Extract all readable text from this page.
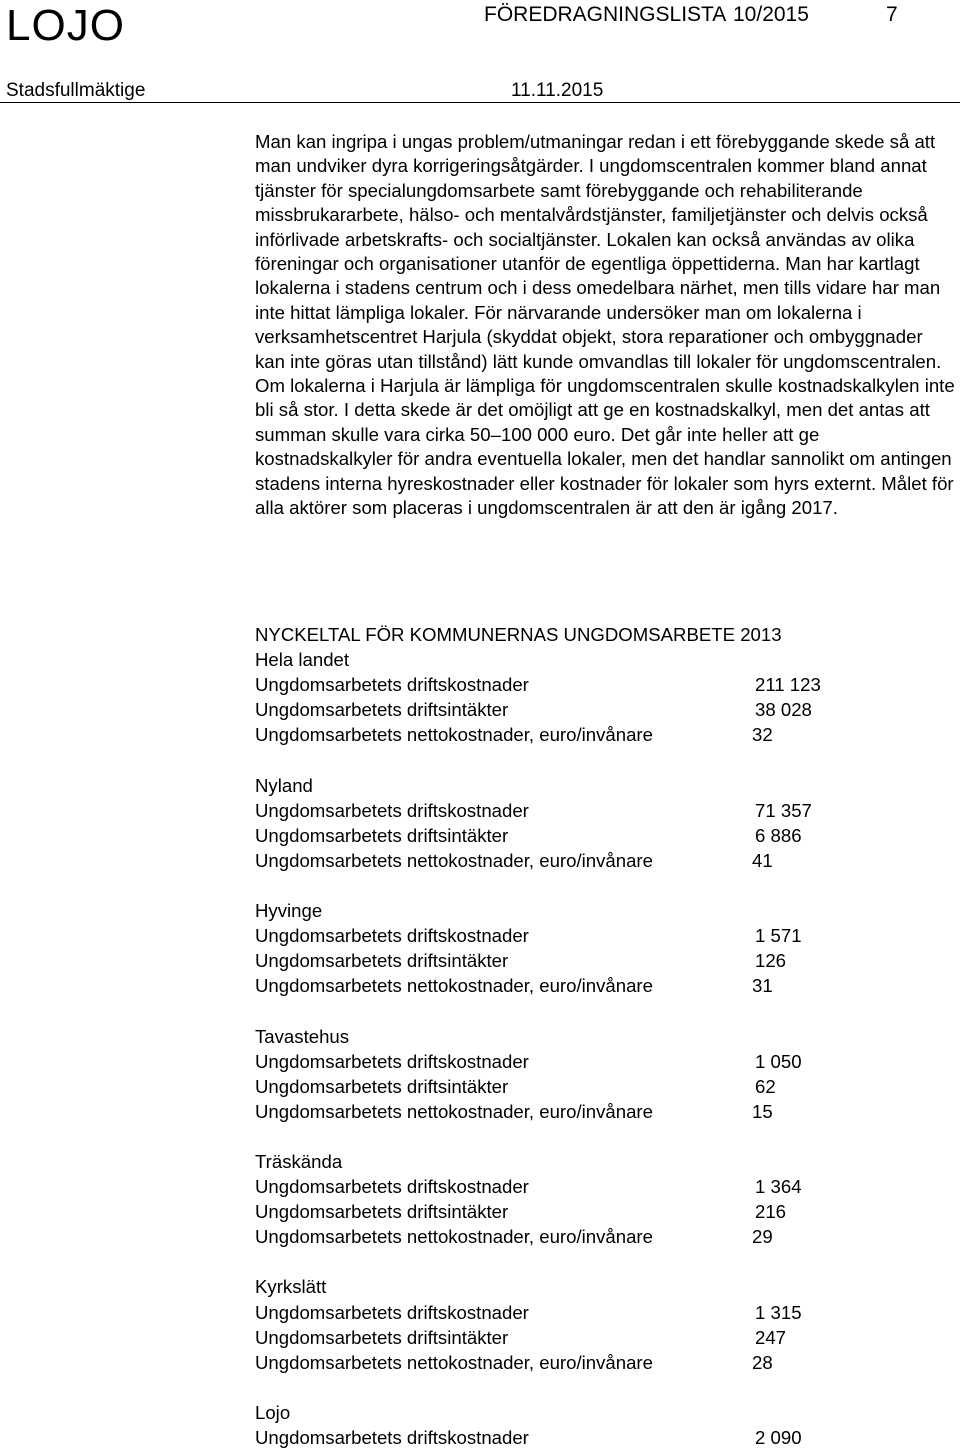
LOJO	FÖREDRAGNINGSLISTA 10/2015	7
Stadsfullmäktige	11.11.2015

Man kan ingripa i ungas problem/utmaningar redan i ett förebyggande skede så att man undviker dyra korrigeringsåtgärder. I ungdomscentralen kommer bland annat tjänster för specialungdomsarbete samt förebyggande och rehabiliterande missbrukararbete, hälso- och mentalvårdstjänster, familjetjänster och delvis också införlivade arbetskrafts- och socialtjänster. Lokalen kan också användas av olika föreningar och organisationer utanför de egentliga öppettiderna. Man har kartlagt lokalerna i stadens centrum och i dess omedelbara närhet, men tills vidare har man inte hittat lämpliga lokaler. För närvarande undersöker man om lokalerna i verksamhetscentret Harjula (skyddat objekt, stora reparationer och ombyggnader kan inte göras utan tillstånd) lätt kunde omvandlas till lokaler för ungdomscentralen. Om lokalerna i Harjula är lämpliga för ungdomscentralen skulle kostnadskalkylen inte bli så stor. I detta skede är det omöjligt att ge en kostnadskalkyl, men det antas att summan skulle vara cirka 50–100 000 euro. Det går inte heller att ge kostnadskalkyler för andra eventuella lokaler, men det handlar sannolikt om antingen stadens interna hyreskostnader eller kostnader för lokaler som hyrs externt. Målet för alla aktörer som placeras i ungdomscentralen är att den är igång 2017.

NYCKELTAL FÖR KOMMUNERNAS UNGDOMSARBETE 2013
Hela landet
Ungdomsarbetets driftskostnader	211 123
Ungdomsarbetets driftsintäkter	38 028
Ungdomsarbetets nettokostnader, euro/invånare	32
Nyland
Ungdomsarbetets driftskostnader	71 357
Ungdomsarbetets driftsintäkter	6 886
Ungdomsarbetets nettokostnader, euro/invånare	41
Hyvinge
Ungdomsarbetets driftskostnader	1 571
Ungdomsarbetets driftsintäkter	126
Ungdomsarbetets nettokostnader, euro/invånare	31
Tavastehus
Ungdomsarbetets driftskostnader	1 050
Ungdomsarbetets driftsintäkter	62
Ungdomsarbetets nettokostnader, euro/invånare	15
Träskända
Ungdomsarbetets driftskostnader	1 364
Ungdomsarbetets driftsintäkter	216
Ungdomsarbetets nettokostnader, euro/invånare	29
Kyrkslätt
Ungdomsarbetets driftskostnader	1 315
Ungdomsarbetets driftsintäkter	247
Ungdomsarbetets nettokostnader, euro/invånare	28
Lojo
Ungdomsarbetets driftskostnader	2 090
